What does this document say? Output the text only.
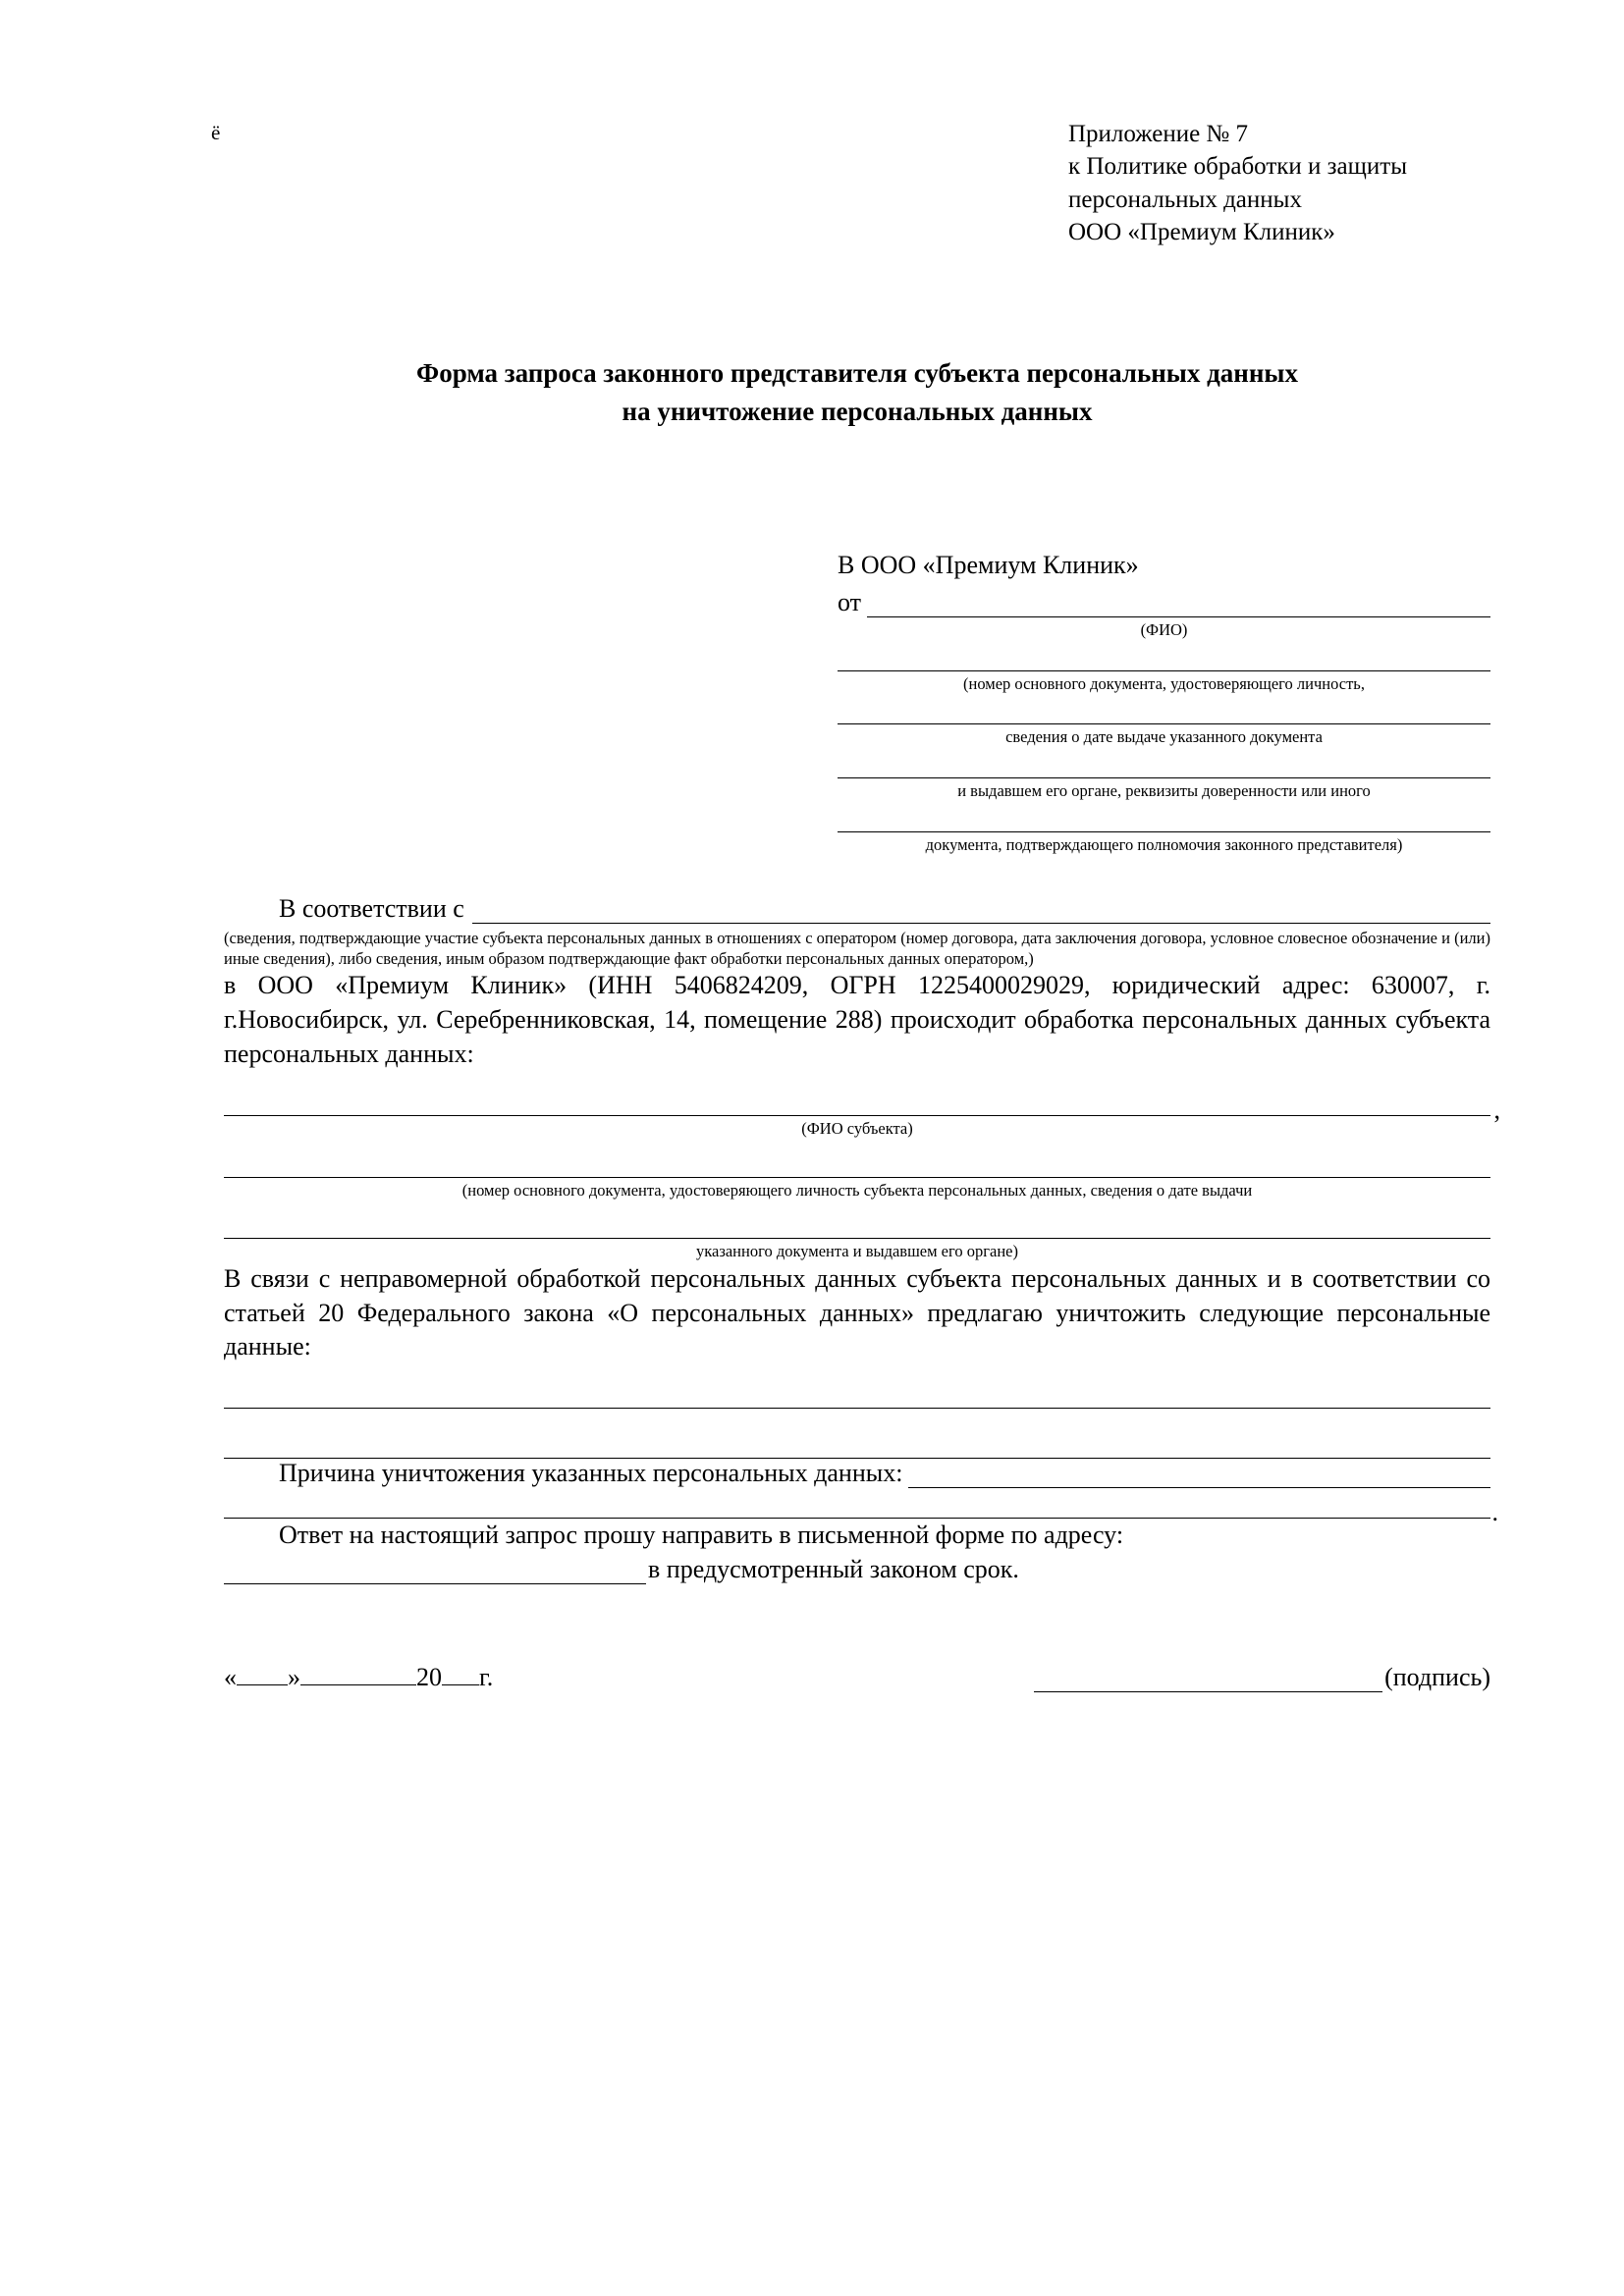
ё	Приложение № 7
к Политике обработки и защиты
персональных данных
ООО «Премиум Клиник»
Форма запроса законного представителя субъекта персональных данных
на уничтожение персональных данных
В ООО «Премиум Клиник»
от
(ФИО)
(номер основного документа, удостоверяющего личность,
сведения о дате выдаче указанного документа
и выдавшем его органе, реквизиты доверенности или иного
документа, подтверждающего полномочия законного представителя)
В соответствии с
(сведения, подтверждающие участие субъекта персональных данных в отношениях с оператором (номер договора, дата заключения договора, условное словесное обозначение и (или) иные сведения), либо сведения, иным образом подтверждающие факт обработки персональных данных оператором,)
в ООО «Премиум Клиник» (ИНН 5406824209, ОГРН 1225400029029, юридический адрес: 630007, г. г.Новосибирск, ул. Серебренниковская, 14, помещение 288) происходит обработка персональных данных субъекта персональных данных:
,
(ФИО субъекта)
(номер основного документа, удостоверяющего личность субъекта персональных данных, сведения о дате выдачи
указанного документа и выдавшем его органе)
В связи с неправомерной обработкой персональных данных субъекта персональных данных и в соответствии со статьей 20 Федерального закона «О персональных данных» предлагаю уничтожить следующие персональные данные:
Причина уничтожения указанных персональных данных:
.
Ответ на настоящий запрос прошу направить в письменной форме по адресу:
в предусмотренный законом срок.
« »	20 г.	(подпись)
